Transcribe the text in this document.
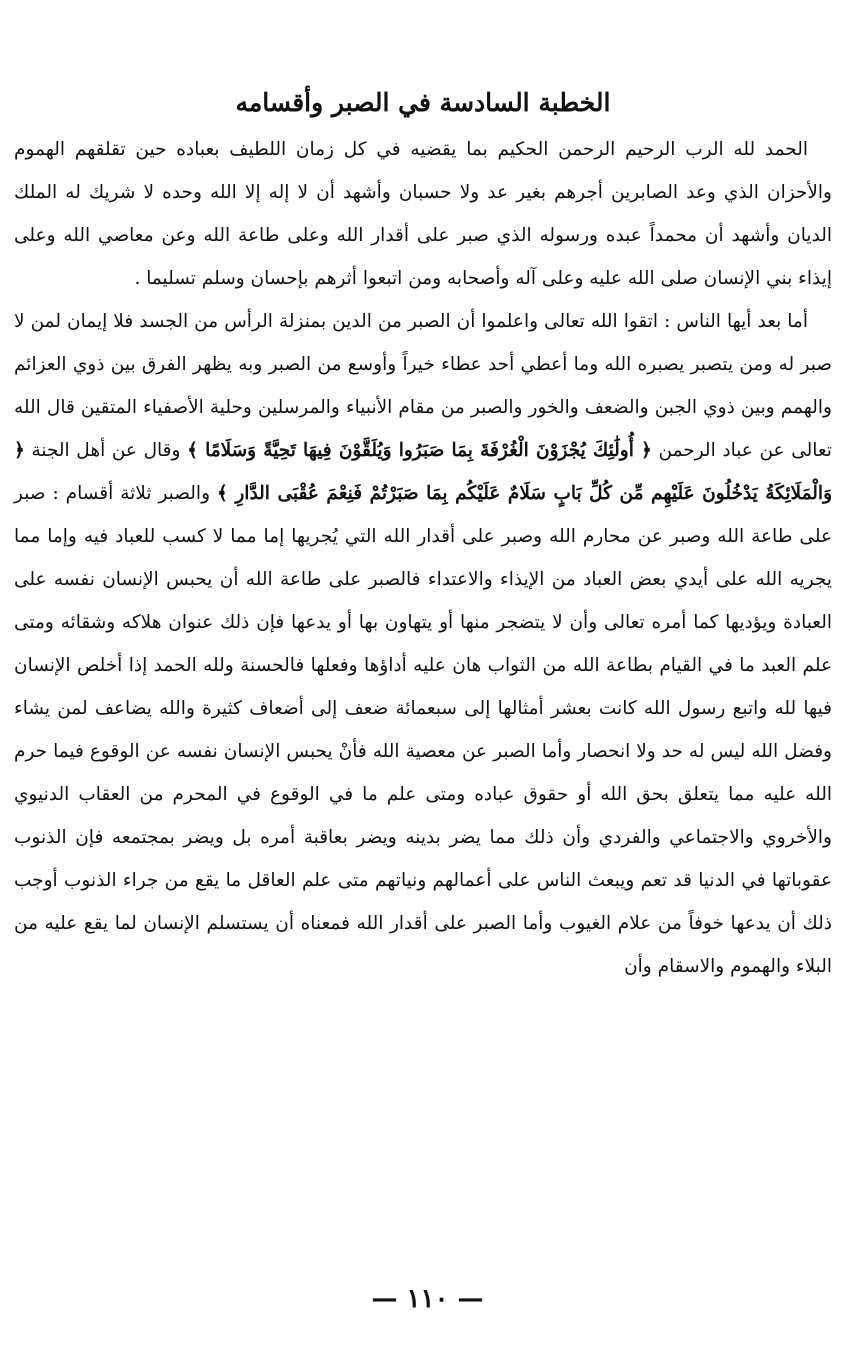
الخطبة السادسة في الصبر وأقسامه

الحمد لله الرب الرحيم الرحمن الحكيم بما يقضيه في كل زمان اللطيف بعباده حين تقلقهم الهموم والأحزان الذي وعد الصابرين أجرهم بغير عد ولا حسبان وأشهد أن لا إله إلا الله وحده لا شريك له الملك الديان وأشهد أن محمداً عبده ورسوله الذي صبر على أقدار الله وعلى طاعة الله وعن معاصي الله وعلى إيذاء بني الإنسان صلى الله عليه وعلى آله وأصحابه ومن اتبعوا أثرهم بإحسان وسلم تسليما .

أما بعد أيها الناس : اتقوا الله تعالى واعلموا أن الصبر من الدين بمنزلة الرأس من الجسد فلا إيمان لمن لا صبر له ومن يتصبر يصبره الله وما أعطي أحد عطاء خيراً وأوسع من الصبر وبه يظهر الفرق بين ذوي العزائم والهمم وبين ذوي الجبن والضعف والخور والصبر من مقام الأنبياء والمرسلين وحلية الأصفياء المتقين قال الله تعالى عن عباد الرحمن ﴿ أُولَٰئِكَ يُجْزَوْنَ الْغُرْفَةَ بِمَا صَبَرُوا وَيُلَقَّوْنَ فِيهَا تَحِيَّةً وَسَلَامًا ﴾ وقال عن أهل الجنة ﴿ وَالْمَلَائِكَةُ يَدْخُلُونَ عَلَيْهِم مِّن كُلِّ بَابٍ سَلَامٌ عَلَيْكُم بِمَا صَبَرْتُمْ فَنِعْمَ عُقْبَى الدَّارِ ﴾ والصبر ثلاثة أقسام : صبر على طاعة الله وصبر عن محارم الله وصبر على أقدار الله التي يُجريها إما مما لا كسب للعباد فيه وإما مما يجريه الله على أيدي بعض العباد من الإيذاء والاعتداء فالصبر على طاعة الله أن يحبس الإنسان نفسه على العبادة ويؤديها كما أمره تعالى وأن لا يتضجر منها أو يتهاون بها أو يدعها فإن ذلك عنوان هلاكه وشقائه ومتى علم العبد ما في القيام بطاعة الله من الثواب هان عليه أداؤها وفعلها فالحسنة ولله الحمد إذا أخلص الإنسان فيها لله واتبع رسول الله كانت بعشر أمثالها إلى سبعمائة ضعف إلى أضعاف كثيرة والله يضاعف لمن يشاء وفضل الله ليس له حد ولا انحصار وأما الصبر عن معصية الله فأنْ يحبس الإنسان نفسه عن الوقوع فيما حرم الله عليه مما يتعلق بحق الله أو حقوق عباده ومتى علم ما في الوقوع في المحرم من العقاب الدنيوي والأخروي والاجتماعي والفردي وأن ذلك مما يضر بدينه ويضر بعاقبة أمره بل ويضر بمجتمعه فإن الذنوب عقوباتها في الدنيا قد تعم ويبعث الناس على أعمالهم ونياتهم متى علم العاقل ما يقع من جراء الذنوب أوجب ذلك أن يدعها خوفاً من علام الغيوب وأما الصبر على أقدار الله فمعناه أن يستسلم الإنسان لما يقع عليه من البلاء والهموم والاسقام وأن

— ١١٠ —
